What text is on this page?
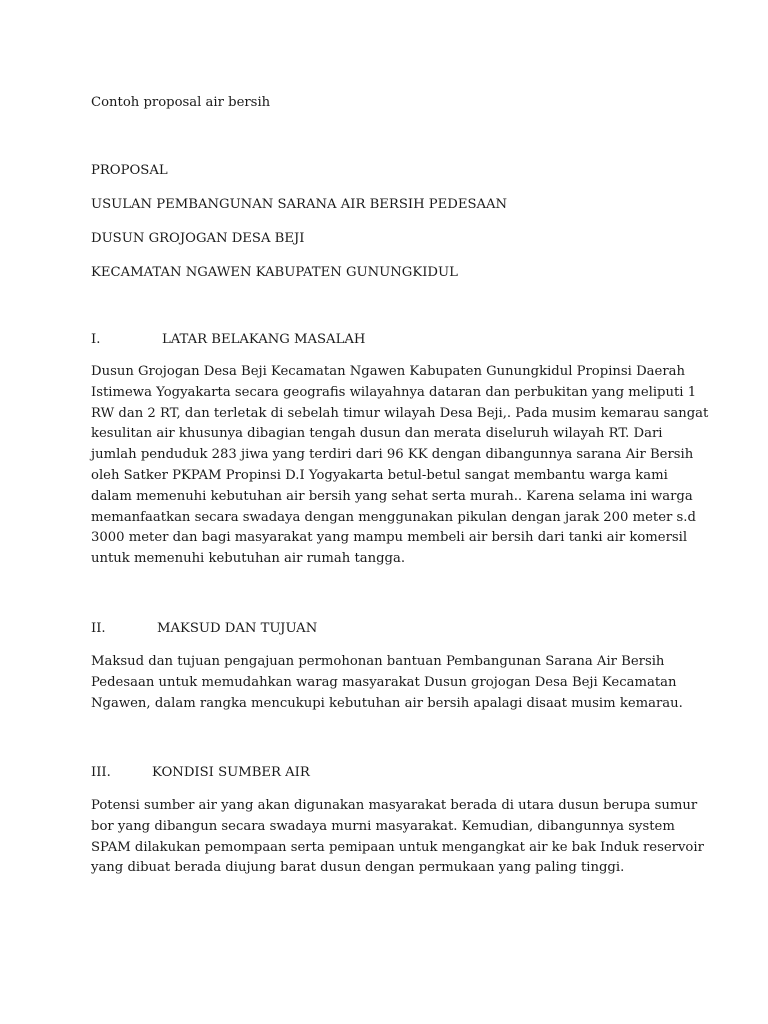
Contoh proposal air bersih
PROPOSAL
USULAN PEMBANGUNAN SARANA AIR BERSIH PEDESAAN
DUSUN GROJOGAN DESA BEJI
KECAMATAN NGAWEN KABUPATEN GUNUNGKIDUL
I.	LATAR BELAKANG MASALAH
Dusun Grojogan Desa Beji Kecamatan Ngawen Kabupaten Gunungkidul Propinsi Daerah
Istimewa Yogyakarta secara geografis wilayahnya dataran dan perbukitan yang meliputi 1
RW dan 2 RT, dan terletak di sebelah timur wilayah Desa Beji,. Pada musim kemarau sangat
kesulitan air khusunya dibagian tengah dusun dan merata diseluruh wilayah RT. Dari
jumlah penduduk 283 jiwa yang terdiri dari 96 KK dengan dibangunnya sarana Air Bersih
oleh Satker PKPAM Propinsi D.I Yogyakarta betul-betul sangat membantu warga kami
dalam memenuhi kebutuhan air bersih yang sehat serta murah.. Karena selama ini warga
memanfaatkan secara swadaya dengan menggunakan pikulan dengan jarak 200 meter s.d
3000 meter dan bagi masyarakat yang mampu membeli air bersih dari tanki air komersil
untuk memenuhi kebutuhan air rumah tangga.
II.	MAKSUD DAN TUJUAN
Maksud dan tujuan pengajuan permohonan bantuan Pembangunan Sarana Air Bersih
Pedesaan untuk memudahkan warag masyarakat Dusun grojogan Desa Beji Kecamatan
Ngawen, dalam rangka mencukupi kebutuhan air bersih apalagi disaat musim kemarau.
III.	KONDISI SUMBER AIR
Potensi sumber air yang akan digunakan masyarakat berada di utara dusun berupa sumur
bor yang dibangun secara swadaya murni masyarakat. Kemudian, dibangunnya system
SPAM dilakukan pemompaan serta pemipaan untuk mengangkat air ke bak Induk reservoir
yang dibuat berada diujung barat dusun dengan permukaan yang paling tinggi.
